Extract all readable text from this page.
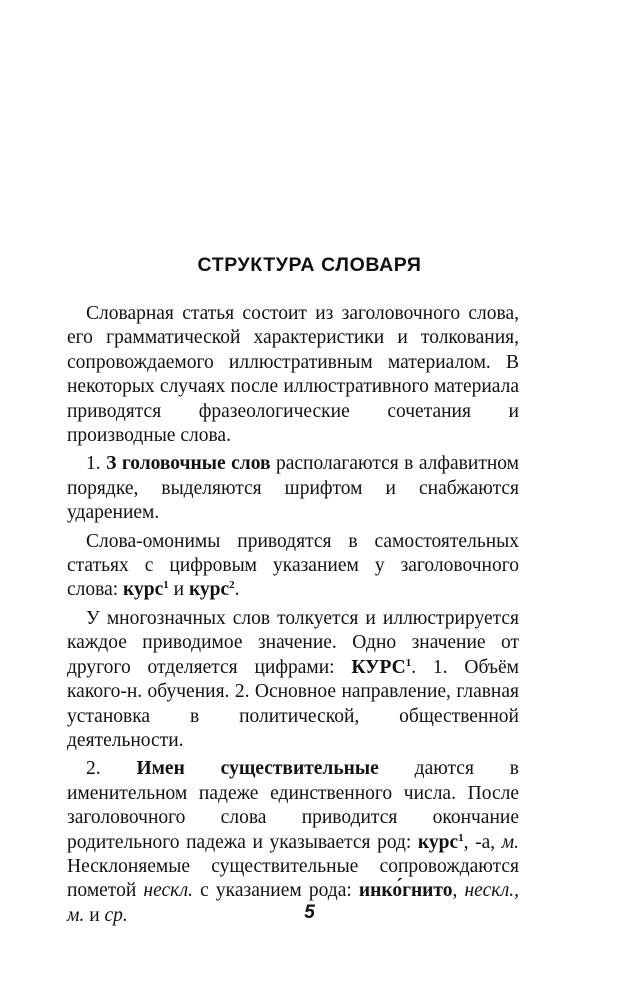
СТРУКТУРА СЛОВАРЯ

Словарная статья состоит из заголовочного слова, его грамматической характеристики и толкования, сопровождаемого иллюстративным материалом. В некоторых случаях после иллюстративного материала приводятся фразеологические сочетания и производные слова.

1. З головочные слов располагаются в алфавитном порядке, выделяются шрифтом и снабжаются ударением.

Слова-омонимы приводятся в самостоятельных статьях с цифровым указанием у заголовочного слова: курс$^1$ и курс$^2$.

У многозначных слов толкуется и иллюстрируется каждое приводимое значение. Одно значение от другого отделяется цифрами: КУРС$^1$. 1. Объём какого-н. обучения. 2. Основное направление, главная установка в политической, общественной деятельности.

2. Имен существительные даются в именительном падеже единственного числа. После заголовочного слова приводится окончание родительного падежа и указывается род: курс$^1$, -а, м. Несклоняемые существительные сопровождаются пометой нескл. с указанием рода: инко́гнито, нескл., м. и ср.	5
